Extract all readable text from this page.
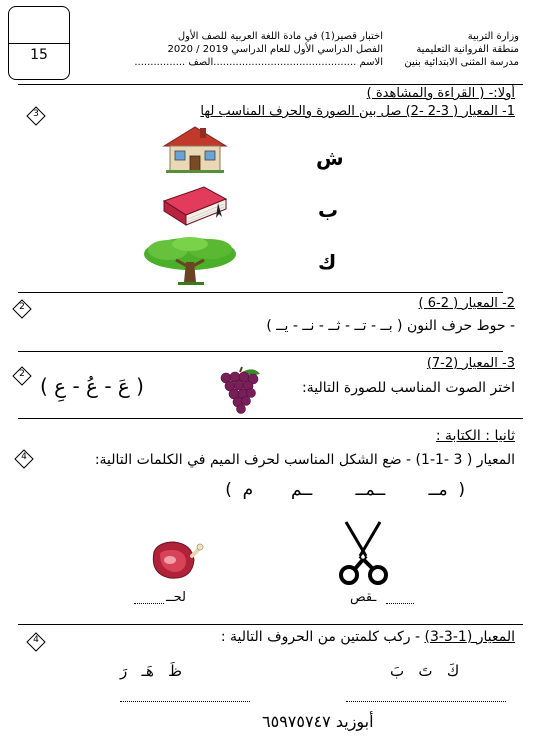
15
وزارة التربية
منطقة الفروانية التعليمية
مدرسة المثنى الابتدائية بنين
اختبار قصير(1) في مادة اللغة العربية للصف الأول
الفصل الدراسي الأول للعام الدراسي 2019 / 2020
الاسم .............................................الصف ................
أولا:- ( القراءة والمشاهدة )
1- المعيار ( 3-2 -2) صل بين الصورة والحرف المناسب لها
3
ش
ب
ك
2	2- المعيار ( 2-6 )
- حوط حرف النون ( بــ - تــ - ثــ - نــ - يــ )
2
3- المعيار (2-7)
اختر الصوت المناسب للصورة التالية:
( عَ - عُ - عِ )
ثانيا : الكتابة :
4	المعيار ( 3 -1-1) - ضع الشكل المناسب لحرف الميم في الكلمات التالية:
(  مــ        ــمــ        ــم       م  )
ـقص
لحــ
4	المعيار (1-3-3) - ركب كلمتين من الحروف التالية :
كَ   تَ   بَ
ظَ   هَـ   رَ
أبوزيد ٦٥٩٧٥٧٤٧
